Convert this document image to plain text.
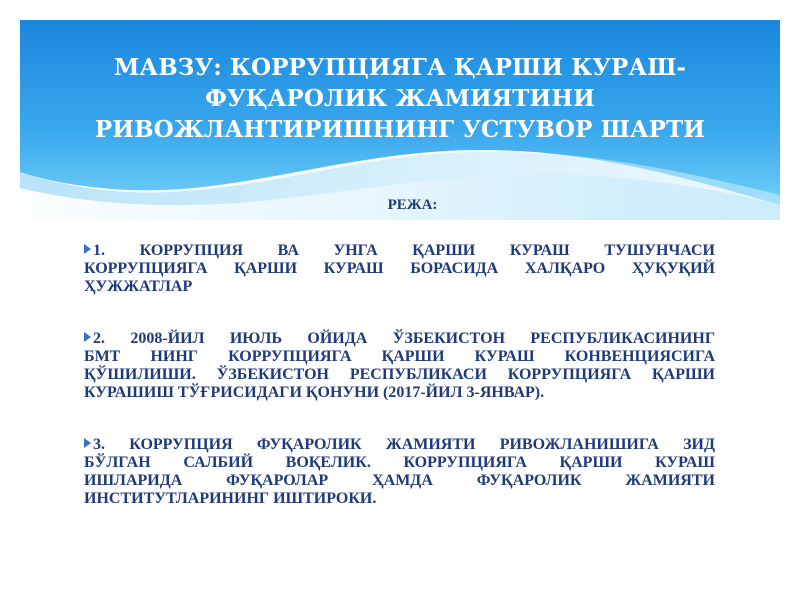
МАВЗУ: КОРРУПЦИЯГА ҚАРШИ КУРАШ-
ФУҚАРОЛИК ЖАМИЯТИНИ
РИВОЖЛАНТИРИШНИНГ УСТУВОР ШАРТИ

РЕЖА:

1. КОРРУПЦИЯ ВА УНГА ҚАРШИ КУРАШ ТУШУНЧАСИ
КОРРУПЦИЯГА ҚАРШИ КУРАШ БОРАСИДА ХАЛҚАРО ҲУҚУҚИЙ
ҲУЖЖАТЛАР
2. 2008-ЙИЛ ИЮЛЬ ОЙИДА ЎЗБЕКИСТОН РЕСПУБЛИКАСИНИНГ
БМТ НИНГ КОРРУПЦИЯГА ҚАРШИ КУРАШ КОНВЕНЦИЯСИГА
ҚЎШИЛИШИ. ЎЗБЕКИСТОН РЕСПУБЛИКАСИ КОРРУПЦИЯГА ҚАРШИ
КУРАШИШ ТЎҒРИСИДАГИ ҚОНУНИ (2017-ЙИЛ 3-ЯНВАР).
3. КОРРУПЦИЯ ФУҚАРОЛИК ЖАМИЯТИ РИВОЖЛАНИШИГА ЗИД
БЎЛГАН САЛБИЙ ВОҚЕЛИК. КОРРУПЦИЯГА ҚАРШИ КУРАШ
ИШЛАРИДА ФУҚАРОЛАР ҲАМДА ФУҚАРОЛИК ЖАМИЯТИ
ИНСТИТУТЛАРИНИНГ ИШТИРОКИ.
